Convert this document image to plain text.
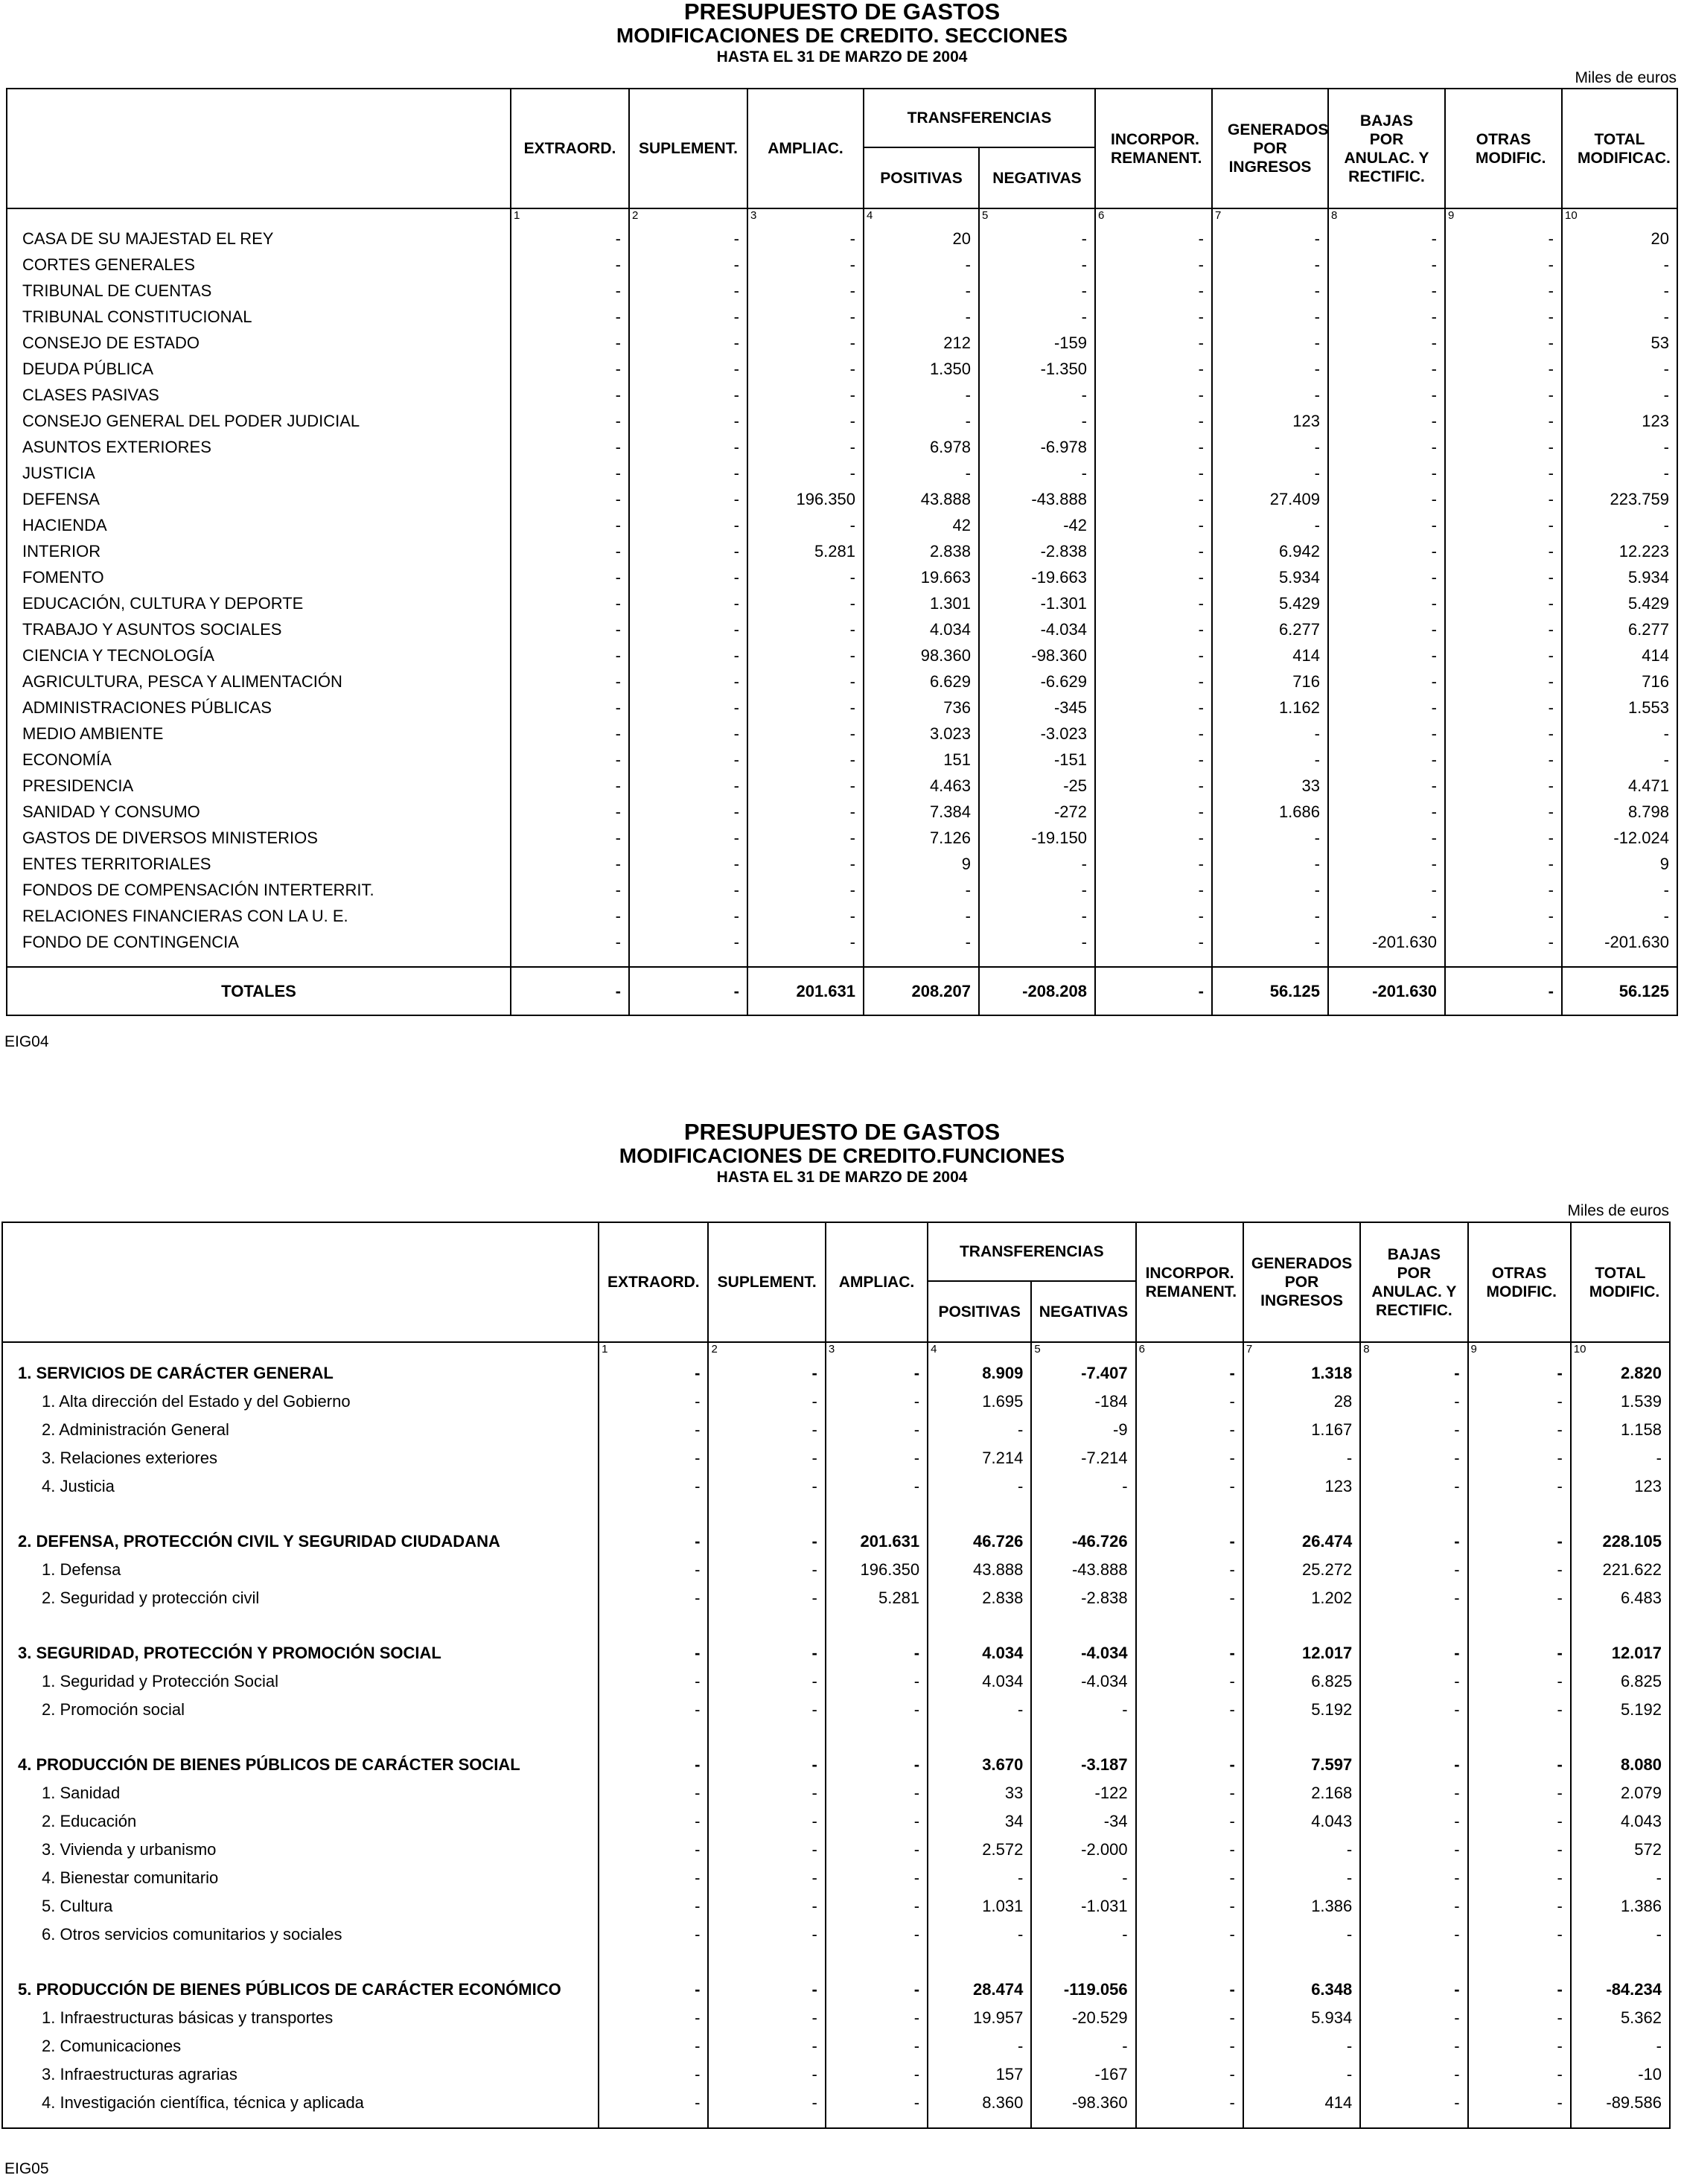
PRESUPUESTO DE GASTOS
MODIFICACIONES DE CREDITO. SECCIONES
HASTA EL 31 DE MARZO DE 2004
Miles de euros
	EXTRAORD.	SUPLEMENT.	AMPLIAC.	TRANSFERENCIAS		INCORPOR. REMANENT.	GENERADOS POR INGRESOS	BAJAS POR ANULAC. Y RECTIFIC.	OTRAS MODIFIC.	TOTAL MODIFICAC.
				POSITIVAS	NEGATIVAS					
	1	2	3	4	5	6	7	8	9	10
CASA DE SU MAJESTAD EL REY	-	-	-	20	-	-	-	-	-	20
CORTES GENERALES	-	-	-	-	-	-	-	-	-	-
TRIBUNAL DE CUENTAS	-	-	-	-	-	-	-	-	-	-
TRIBUNAL CONSTITUCIONAL	-	-	-	-	-	-	-	-	-	-
CONSEJO DE ESTADO	-	-	-	212	-159	-	-	-	-	53
DEUDA PÚBLICA	-	-	-	1.350	-1.350	-	-	-	-	-
CLASES PASIVAS	-	-	-	-	-	-	-	-	-	-
CONSEJO GENERAL DEL PODER JUDICIAL	-	-	-	-	-	-	123	-	-	123
ASUNTOS EXTERIORES	-	-	-	6.978	-6.978	-	-	-	-	-
JUSTICIA	-	-	-	-	-	-	-	-	-	-
DEFENSA	-	-	196.350	43.888	-43.888	-	27.409	-	-	223.759
HACIENDA	-	-	-	42	-42	-	-	-	-	-
INTERIOR	-	-	5.281	2.838	-2.838	-	6.942	-	-	12.223
FOMENTO	-	-	-	19.663	-19.663	-	5.934	-	-	5.934
EDUCACIÓN, CULTURA Y DEPORTE	-	-	-	1.301	-1.301	-	5.429	-	-	5.429
TRABAJO Y ASUNTOS SOCIALES	-	-	-	4.034	-4.034	-	6.277	-	-	6.277
CIENCIA Y TECNOLOGÍA	-	-	-	98.360	-98.360	-	414	-	-	414
AGRICULTURA, PESCA Y ALIMENTACIÓN	-	-	-	6.629	-6.629	-	716	-	-	716
ADMINISTRACIONES PÚBLICAS	-	-	-	736	-345	-	1.162	-	-	1.553
MEDIO AMBIENTE	-	-	-	3.023	-3.023	-	-	-	-	-
ECONOMÍA	-	-	-	151	-151	-	-	-	-	-
PRESIDENCIA	-	-	-	4.463	-25	-	33	-	-	4.471
SANIDAD Y CONSUMO	-	-	-	7.384	-272	-	1.686	-	-	8.798
GASTOS DE DIVERSOS MINISTERIOS	-	-	-	7.126	-19.150	-	-	-	-	-12.024
ENTES TERRITORIALES	-	-	-	9	-	-	-	-	-	9
FONDOS DE COMPENSACIÓN INTERTERRIT.	-	-	-	-	-	-	-	-	-	-
RELACIONES FINANCIERAS CON LA U. E.	-	-	-	-	-	-	-	-	-	-
FONDO DE CONTINGENCIA	-	-	-	-	-	-	-	-201.630	-	-201.630

TOTALES	-	-	201.631	208.207	-208.208	-	56.125	-201.630	-	56.125
EIG04
PRESUPUESTO DE GASTOS
MODIFICACIONES DE CREDITO.FUNCIONES
HASTA EL 31 DE MARZO DE 2004
Miles de euros
	EXTRAORD.	SUPLEMENT.	AMPLIAC.	TRANSFERENCIAS		INCORPOR. REMANENT.	GENERADOS POR INGRESOS	BAJAS POR ANULAC. Y RECTIFIC.	OTRAS MODIFIC.	TOTAL MODIFIC.
				POSITIVAS	NEGATIVAS					
	1	2	3	4	5	6	7	8	9	10
1. SERVICIOS DE CARÁCTER GENERAL	-	-	-	8.909	-7.407	-	1.318	-	-	2.820
1. Alta dirección del Estado y del Gobierno	-	-	-	1.695	-184	-	28	-	-	1.539
2. Administración General	-	-	-	-	-9	-	1.167	-	-	1.158
3. Relaciones exteriores	-	-	-	7.214	-7.214	-	-	-	-	-
4. Justicia	-	-	-	-	-	-	123	-	-	123

2. DEFENSA, PROTECCIÓN CIVIL Y SEGURIDAD CIUDADANA	-	-	201.631	46.726	-46.726	-	26.474	-	-	228.105
1. Defensa	-	-	196.350	43.888	-43.888	-	25.272	-	-	221.622
2. Seguridad y protección civil	-	-	5.281	2.838	-2.838	-	1.202	-	-	6.483

3. SEGURIDAD, PROTECCIÓN Y PROMOCIÓN SOCIAL	-	-	-	4.034	-4.034	-	12.017	-	-	12.017
1. Seguridad y Protección Social	-	-	-	4.034	-4.034	-	6.825	-	-	6.825
2. Promoción social	-	-	-	-	-	-	5.192	-	-	5.192

4. PRODUCCIÓN DE BIENES PÚBLICOS DE CARÁCTER SOCIAL	-	-	-	3.670	-3.187	-	7.597	-	-	8.080
1. Sanidad	-	-	-	33	-122	-	2.168	-	-	2.079
2. Educación	-	-	-	34	-34	-	4.043	-	-	4.043
3. Vivienda y urbanismo	-	-	-	2.572	-2.000	-	-	-	-	572
4. Bienestar comunitario	-	-	-	-	-	-	-	-	-	-
5. Cultura	-	-	-	1.031	-1.031	-	1.386	-	-	1.386
6. Otros servicios comunitarios y sociales	-	-	-	-	-	-	-	-	-	-

5. PRODUCCIÓN DE BIENES PÚBLICOS DE CARÁCTER ECONÓMICO	-	-	-	28.474	-119.056	-	6.348	-	-	-84.234
1. Infraestructuras básicas y transportes	-	-	-	19.957	-20.529	-	5.934	-	-	5.362
2. Comunicaciones	-	-	-	-	-	-	-	-	-	-
3. Infraestructuras agrarias	-	-	-	157	-167	-	-	-	-	-10
4. Investigación científica, técnica y aplicada	-	-	-	8.360	-98.360	-	414	-	-	-89.586

EIG05
